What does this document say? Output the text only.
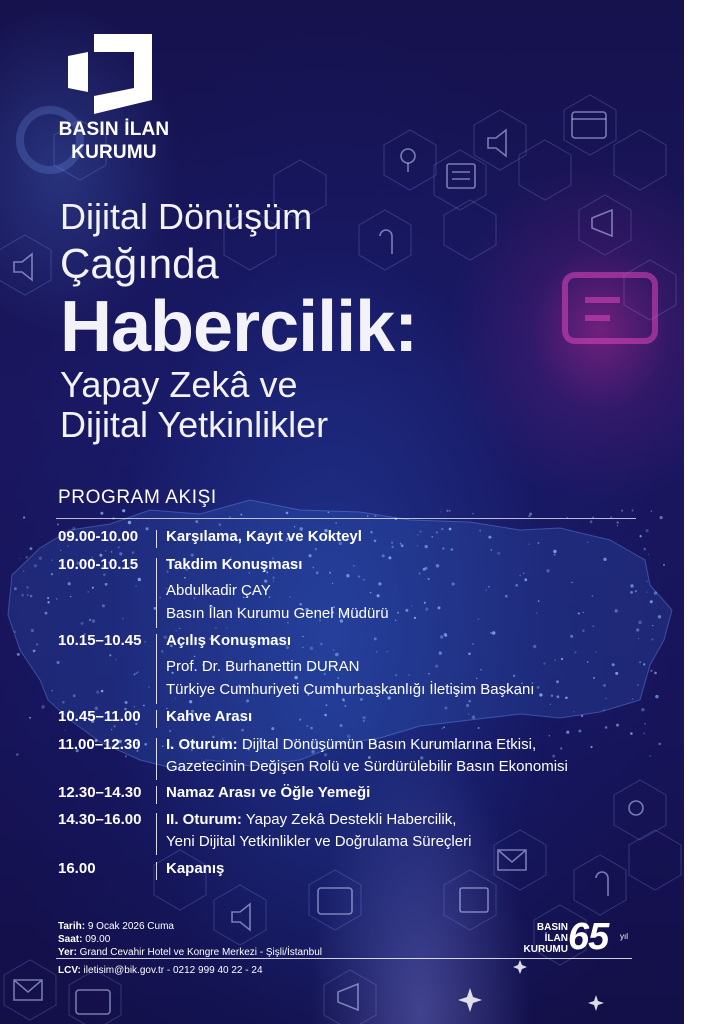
BASIN İLAN
KURUMU
Dijital Dönüşüm
Çağında
Habercilik:
Yapay Zekâ ve
Dijital Yetkinlikler
PROGRAM AKIŞI
09.00-10.00 Karşılama, Kayıt ve Kokteyl
10.00-10.15 Takdim Konuşması
Abdulkadir ÇAY
Basın İlan Kurumu Genel Müdürü
10.15–10.45 Açılış Konuşması
Prof. Dr. Burhanettin DURAN
Türkiye Cumhuriyeti Cumhurbaşkanlığı İletişim Başkanı
10.45–11.00 Kahve Arası
11.00–12.30 I. Oturum: Dijital Dönüşümün Basın Kurumlarına Etkisi,
Gazetecinin Değişen Rolü ve Sürdürülebilir Basın Ekonomisi
12.30–14.30 Namaz Arası ve Öğle Yemeği
14.30–16.00 II. Oturum: Yapay Zekâ Destekli Habercilik,
Yeni Dijital Yetkinlikler ve Doğrulama Süreçleri
16.00	Kapanış
Tarih: 9 Ocak 2026 Cuma
Saat: 09.00
Yer: Grand Cevahir Hotel ve Kongre Merkezi - Şişli/İstanbul
LCV: iletisim@bik.gov.tr - 0212 999 40 22 - 24
BASIN
İLAN
KURUMU 65 yıl
